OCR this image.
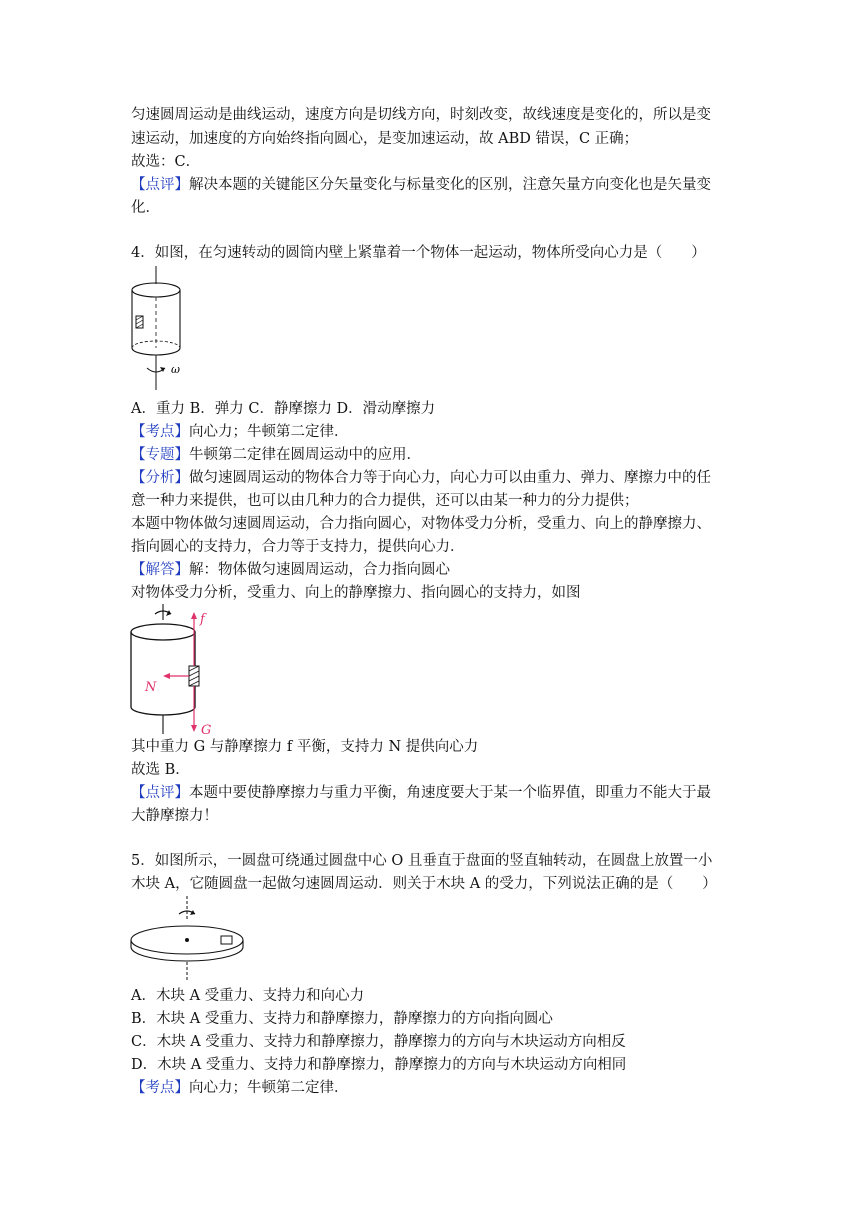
匀速圆周运动是曲线运动，速度方向是切线方向，时刻改变，故线速度是变化的，所以是变
速运动，加速度的方向始终指向圆心，是变加速运动，故 ABD 错误，C 正确；
故选：C．
【点评】解决本题的关键能区分矢量变化与标量变化的区别，注意矢量方向变化也是矢量变
化．
4．如图，在匀速转动的圆筒内壁上紧靠着一个物体一起运动，物体所受向心力是（　　）
ω
A．重力 B．弹力 C．静摩擦力 D．滑动摩擦力
【考点】向心力；牛顿第二定律．
【专题】牛顿第二定律在圆周运动中的应用．
【分析】做匀速圆周运动的物体合力等于向心力，向心力可以由重力、弹力、摩擦力中的任
意一种力来提供，也可以由几种力的合力提供，还可以由某一种力的分力提供；
本题中物体做匀速圆周运动，合力指向圆心，对物体受力分析，受重力、向上的静摩擦力、
指向圆心的支持力，合力等于支持力，提供向心力．
【解答】解：物体做匀速圆周运动，合力指向圆心
对物体受力分析，受重力、向上的静摩擦力、指向圆心的支持力，如图
f
N
G
其中重力 G 与静摩擦力 f 平衡，支持力 N 提供向心力
故选 B．
【点评】本题中要使静摩擦力与重力平衡，角速度要大于某一个临界值，即重力不能大于最
大静摩擦力！
5．如图所示，一圆盘可绕通过圆盘中心 O 且垂直于盘面的竖直轴转动，在圆盘上放置一小
木块 A，它随圆盘一起做匀速圆周运动．则关于木块 A 的受力，下列说法正确的是（　　）
A．木块 A 受重力、支持力和向心力
B．木块 A 受重力、支持力和静摩擦力，静摩擦力的方向指向圆心
C．木块 A 受重力、支持力和静摩擦力，静摩擦力的方向与木块运动方向相反
D．木块 A 受重力、支持力和静摩擦力，静摩擦力的方向与木块运动方向相同
【考点】向心力；牛顿第二定律．
